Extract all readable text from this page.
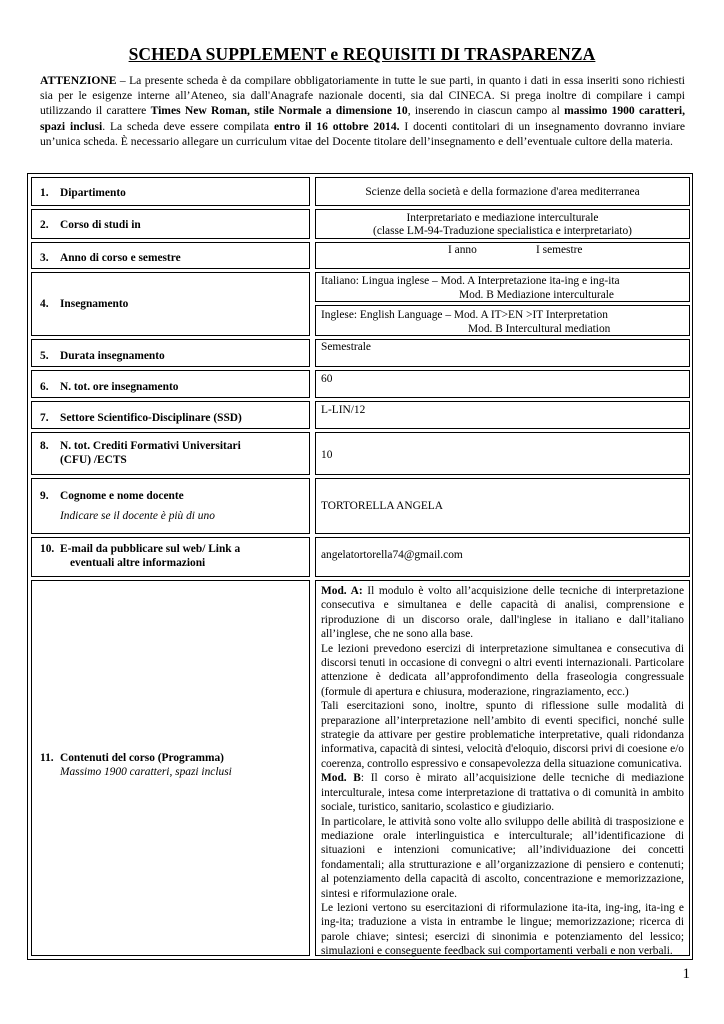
SCHEDA SUPPLEMENT e REQUISITI DI TRASPARENZA
ATTENZIONE – La presente scheda è da compilare obbligatoriamente in tutte le sue parti, in quanto i dati in essa inseriti sono richiesti sia per le esigenze interne all’Ateneo, sia dall'Anagrafe nazionale docenti, sia dal CINECA. Si prega inoltre di compilare i campi utilizzando il carattere Times New Roman, stile Normale a dimensione 10, inserendo in ciascun campo al massimo 1900 caratteri, spazi inclusi. La scheda deve essere compilata entro il 16 ottobre 2014. I docenti contitolari di un insegnamento dovranno inviare un’unica scheda. È necessario allegare un curriculum vitae del Docente titolare dell’insegnamento e dell’eventuale cultore della materia.
1. Dipartimento	Scienze della società e della formazione d'area mediterranea
2. Corso di studi in
Interpretariato e mediazione interculturale
(classe LM-94-Traduzione specialistica e interpretariato)
3. Anno di corso e semestre
I anno	I semestre
4. Insegnamento
Italiano: Lingua inglese – Mod. A Interpretazione ita-ing e ing-ita
Mod. B Mediazione interculturale
Inglese: English Language – Mod. A IT>EN >IT Interpretation
Mod. B Intercultural mediation
5. Durata insegnamento
Semestrale
6. N. tot. ore insegnamento
60
7. Settore Scientifico-Disciplinare (SSD)
L-LIN/12
8. N. tot. Crediti Formativi Universitari
(CFU) /ECTS	10
9. Cognome e nome docente
Indicare se il docente è più di uno
TORTORELLA ANGELA
10. E-mail da pubblicare sul web/ Link a
eventuali altre informazioni
angelatortorella74@gmail.com
11. Contenuti del corso (Programma)
Massimo 1900 caratteri, spazi inclusi

Mod. A: Il modulo è volto all’acquisizione delle tecniche di interpretazione consecutiva e simultanea e delle capacità di analisi, comprensione e riproduzione di un discorso orale, dall'inglese in italiano e dall’italiano all’inglese, che ne sono alla base.

Le lezioni prevedono esercizi di interpretazione simultanea e consecutiva di discorsi tenuti in occasione di convegni o altri eventi internazionali. Particolare attenzione è dedicata all’approfondimento della fraseologia congressuale (formule di apertura e chiusura, moderazione, ringraziamento, ecc.)

Tali esercitazioni sono, inoltre, spunto di riflessione sulle modalità di preparazione all’interpretazione nell’ambito di eventi specifici, nonché sulle strategie da attivare per gestire problematiche interpretative, quali ridondanza informativa, capacità di sintesi, velocità d'eloquio, discorsi privi di coesione e/o coerenza, controllo espressivo e consapevolezza della situazione comunicativa.

Mod. B: Il corso è mirato all’acquisizione delle tecniche di mediazione interculturale, intesa come interpretazione di trattativa o di comunità in ambito sociale, turistico, sanitario, scolastico e giudiziario.

In particolare, le attività sono volte allo sviluppo delle abilità di trasposizione e mediazione orale interlinguistica e interculturale; all’identificazione di situazioni e intenzioni comunicative; all’individuazione dei concetti fondamentali; alla strutturazione e all’organizzazione di pensiero e contenuti; al potenziamento della capacità di ascolto, concentrazione e memorizzazione, sintesi e riformulazione orale.

Le lezioni vertono su esercitazioni di riformulazione ita-ita, ing-ing, ita-ing e ing-ita; traduzione a vista in entrambe le lingue; memorizzazione; ricerca di parole chiave; sintesi; esercizi di sinonimia e potenziamento del lessico; simulazioni e conseguente feedback sui comportamenti verbali e non verbali.

1
